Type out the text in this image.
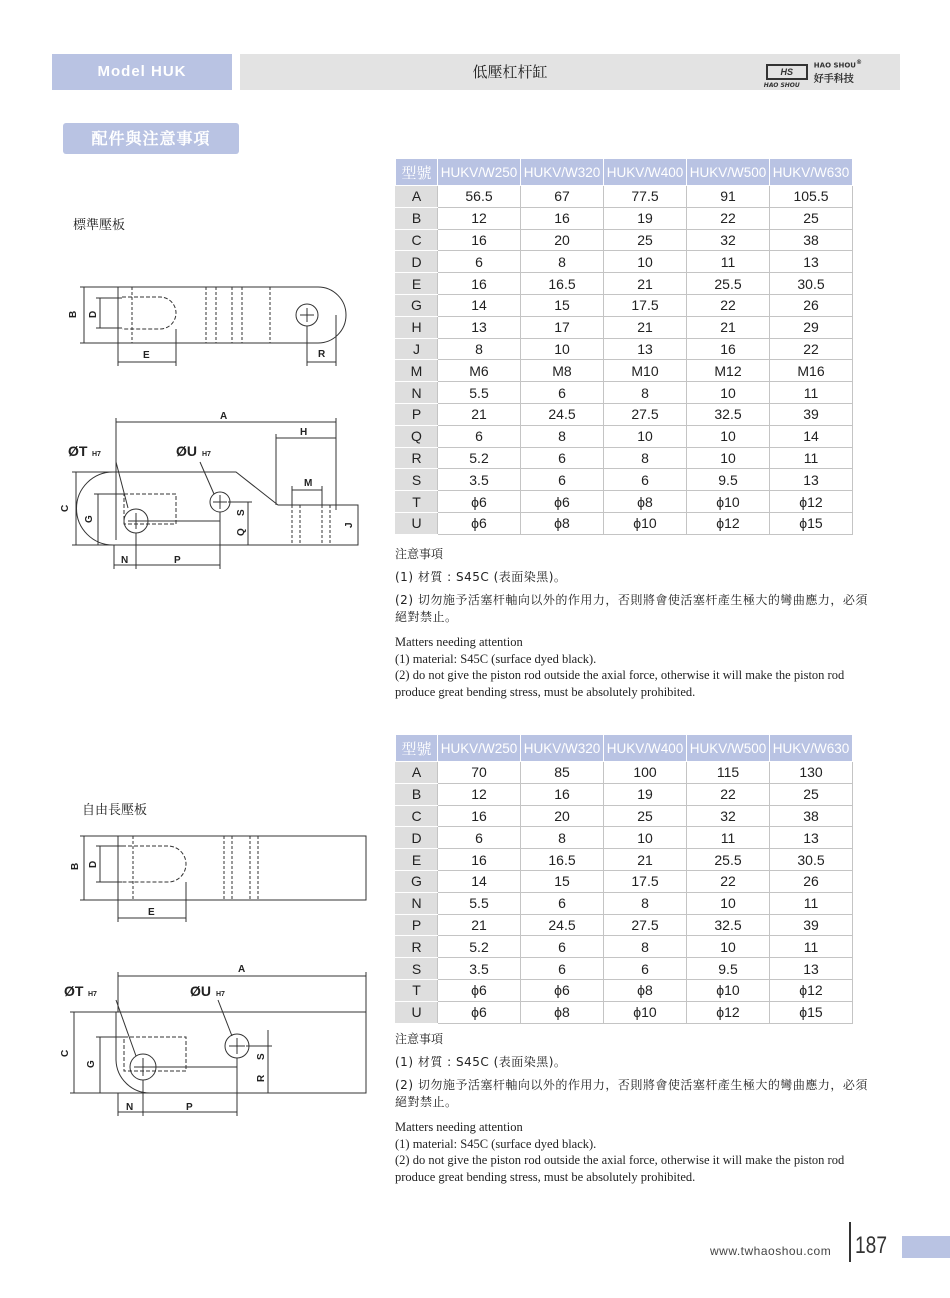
Model HUK	低壓杠杆缸	HS
HAO SHOU
HAO SHOU®
好手科技
配件與注意事項
標準壓板
自由長壓板
B D
E	R
A
H
M
C
G
S
Q
J
N	P
B D
E
A
C
G
S
R
N	P
ØT H7	ØU H7
ØT H7	ØU H7
型號	HUKV/W250	HUKV/W320	HUKV/W400	HUKV/W500	HUKV/W630
A	56.5	67	77.5	91	105.5
B	12	16	19	22	25
C	16	20	25	32	38
D	6	8	10	11	13
E	16	16.5	21	25.5	30.5
G	14	15	17.5	22	26
H	13	17	21	21	29
J	8	10	13	16	22
M	M6	M8	M10	M12	M16
N	5.5	6	8	10	11
P	21	24.5	27.5	32.5	39
Q	6	8	10	10	14
R	5.2	6	8	10	11
S	3.5	6	6	9.5	13
T	ϕ6	ϕ6	ϕ8	ϕ10	ϕ12
U	ϕ6	ϕ8	ϕ10	ϕ12	ϕ15
型號	HUKV/W250	HUKV/W320	HUKV/W400	HUKV/W500	HUKV/W630
A	70	85	100	115	130
B	12	16	19	22	25
C	16	20	25	32	38
D	6	8	10	11	13
E	16	16.5	21	25.5	30.5
G	14	15	17.5	22	26
N	5.5	6	8	10	11
P	21	24.5	27.5	32.5	39
R	5.2	6	8	10	11
S	3.5	6	6	9.5	13
T	ϕ6	ϕ6	ϕ8	ϕ10	ϕ12
U	ϕ6	ϕ8	ϕ10	ϕ12	ϕ15
注意事項
(1) 材質 : S45C (表面染黑)。
(2) 切勿施予活塞杆軸向以外的作用力，否則將會使活塞杆產生極大的彎曲應力，必須絕對禁止。
Matters needing attention
(1) material: S45C (surface dyed black).
(2) do not give the piston rod outside the axial force, otherwise it will make the piston rod produce great bending stress, must be absolutely prohibited.
注意事項
(1) 材質 : S45C (表面染黑)。
(2) 切勿施予活塞杆軸向以外的作用力，否則將會使活塞杆產生極大的彎曲應力，必須絕對禁止。
Matters needing attention
(1) material: S45C (surface dyed black).
(2) do not give the piston rod outside the axial force, otherwise it will make the piston rod produce great bending stress, must be absolutely prohibited.
www.twhaoshou.com 187
